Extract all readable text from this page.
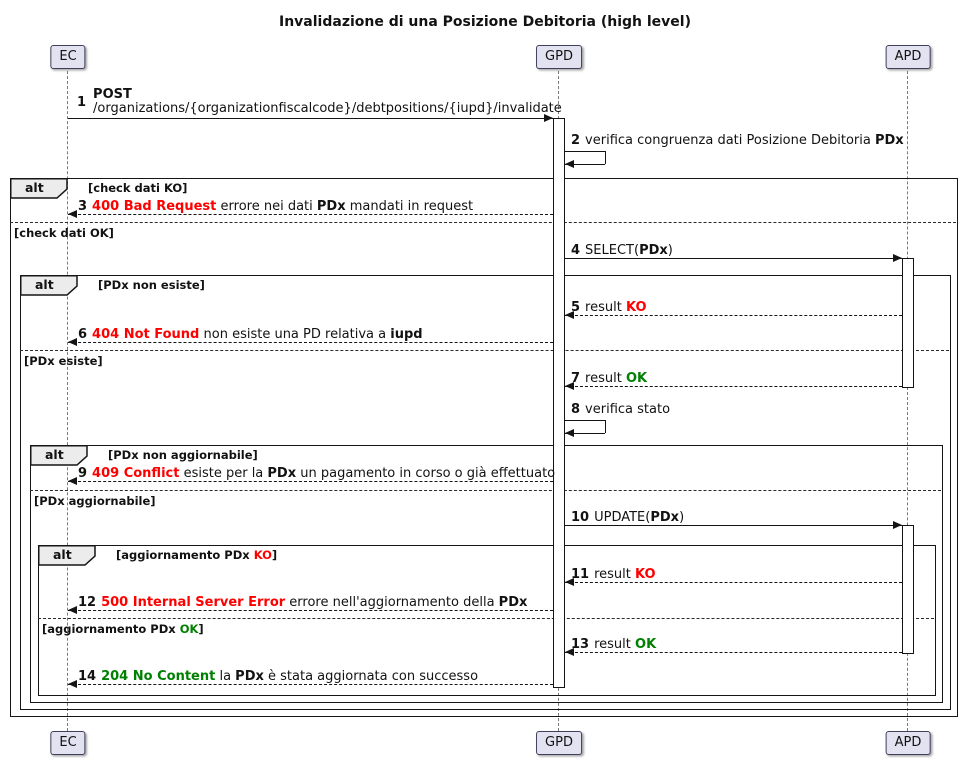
Invalidazione di una Posizione Debitoria (high level)
alt	[check dati KO]
[check dati OK]
alt	[PDx non esiste]
[PDx esiste]
alt	[PDx non aggiornabile]
[PDx aggiornabile]
alt	[aggiornamento PDx KO]
[aggiornamento PDx OK]
1 POST
/organizations/{organizationfiscalcode}/debtpositions/{iupd}/invalidate
2 verifica congruenza dati Posizione Debitoria PDx
3 400 Bad Request errore nei dati PDx mandati in request
4 SELECT(PDx)
5 result KO
6 404 Not Found non esiste una PD relativa a iupd
7 result OK
8 verifica stato
9 409 Conflict esiste per la PDx un pagamento in corso o già effettuato
10 UPDATE(PDx)
11 result KO
12 500 Internal Server Error errore nell'aggiornamento della PDx
13 result OK
14 204 No Content la PDx è stata aggiornata con successo
EC	GPD	APD
EC	GPD	APD
